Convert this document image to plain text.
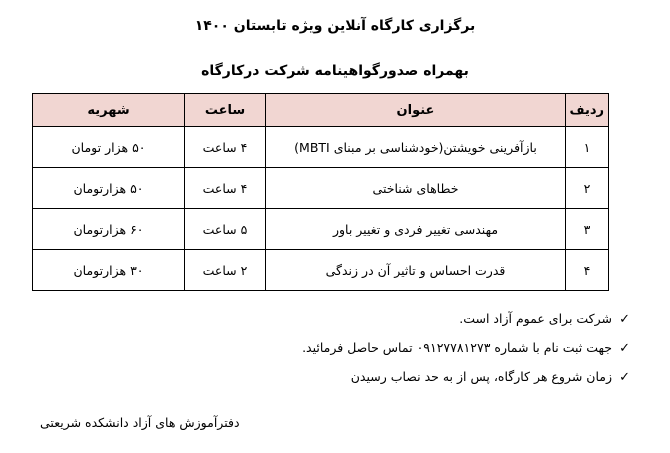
برگزاری کارگاه آنلاین ویژه تابستان ۱۴۰۰
بهمراه صدورگواهینامه شرکت درکارگاه
ردیف	عنوان	ساعت	شهریه
۱	بازآفرینی خویشتن(خودشناسی بر مبنای MBTI)	۴ ساعت	۵۰ هزار تومان
۲	خطاهای شناختی	۴ ساعت	۵۰ هزارتومان
۳	مهندسی تغییر فردی و تغییر باور	۵ ساعت	۶۰ هزارتومان
۴	قدرت احساس و تاثیر آن در زندگی	۲ ساعت	۳۰ هزارتومان
✓شرکت برای عموم آزاد است.
✓جهت ثبت نام با شماره ۰۹۱۲۷۷۸۱۲۷۳ تماس حاصل فرمائید.
✓زمان شروع هر کارگاه، پس از به حد نصاب رسیدن
دفترآموزش های آزاد دانشکده شریعتی
